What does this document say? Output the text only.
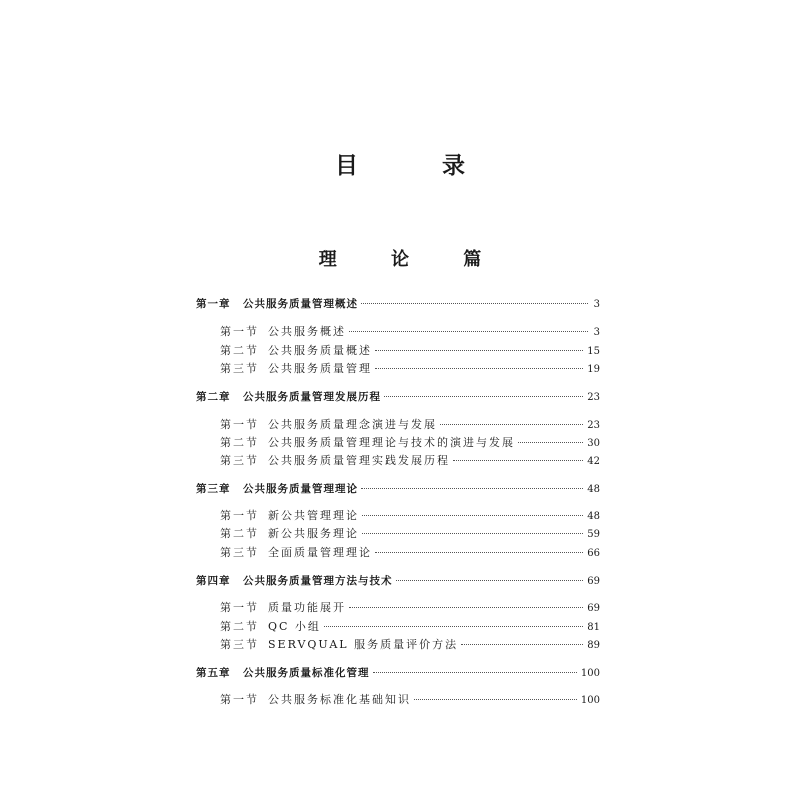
目 录
理 论 篇
第一章	公共服务质量管理概述	3
第一节 公共服务概述	3
第二节 公共服务质量概述	15
第三节 公共服务质量管理	19
第二章	公共服务质量管理发展历程	23
第一节 公共服务质量理念演进与发展	23
第二节 公共服务质量管理理论与技术的演进与发展	30
第三节 公共服务质量管理实践发展历程	42
第三章	公共服务质量管理理论	48
第一节 新公共管理理论	48
第二节 新公共服务理论	59
第三节 全面质量管理理论	66
第四章	公共服务质量管理方法与技术	69
第一节 质量功能展开	69
第二节 QC 小组	81
第三节 SERVQUAL 服务质量评价方法	89
第五章	公共服务质量标准化管理	100
第一节 公共服务标准化基础知识	100
